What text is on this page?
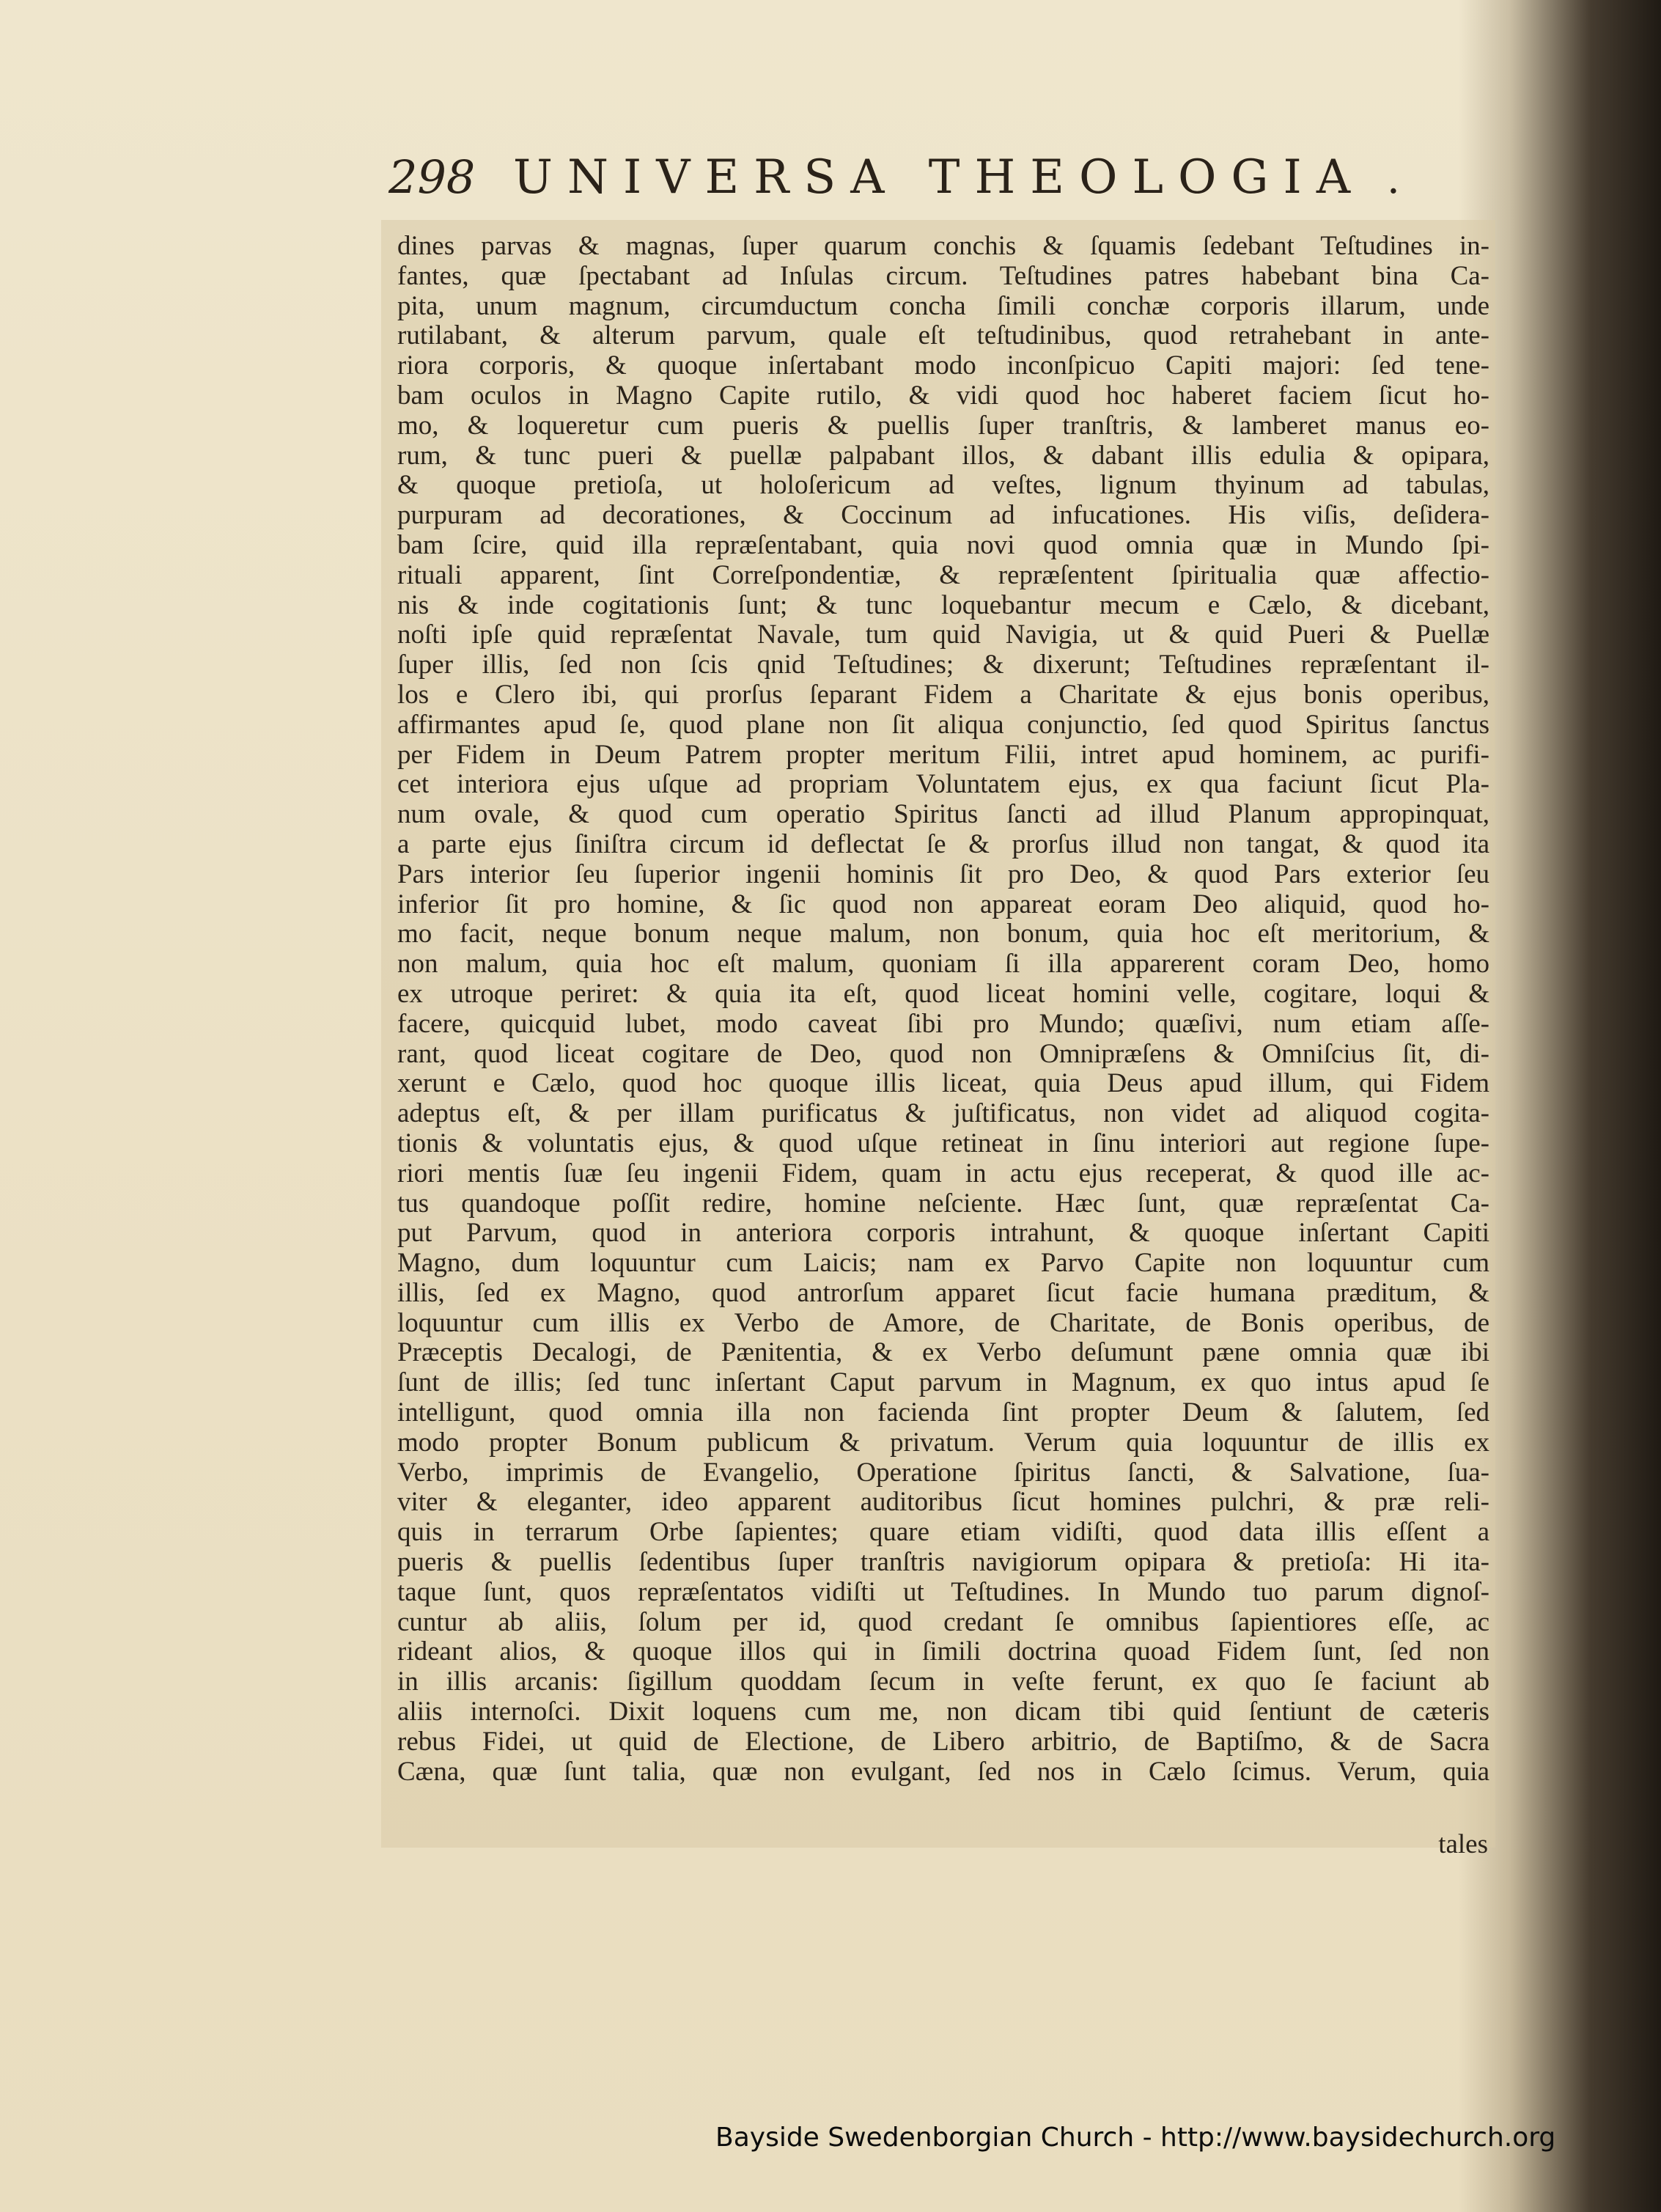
298 UNIVERSA THEOLOGIA .
dines parvas & magnas, ſuper quarum conchis & ſquamis ſedebant Teſtudines in-
fantes, quæ ſpectabant ad Inſulas circum. Teſtudines patres habebant bina Ca-
pita, unum magnum, circumductum concha ſimili conchæ corporis illarum, unde
rutilabant, & alterum parvum, quale eſt teſtudinibus, quod retrahebant in ante-
riora corporis, & quoque inſertabant modo inconſpicuo Capiti majori: ſed tene-
bam oculos in Magno Capite rutilo, & vidi quod hoc haberet faciem ſicut ho-
mo, & loqueretur cum pueris & puellis ſuper tranſtris, & lamberet manus eo-
rum, & tunc pueri & puellæ palpabant illos, & dabant illis edulia & opipara,
& quoque pretioſa, ut holoſericum ad veſtes, lignum thyinum ad tabulas,
purpuram ad decorationes, & Coccinum ad infucationes. His viſis, deſidera-
bam ſcire, quid illa repræſentabant, quia novi quod omnia quæ in Mundo ſpi-
rituali apparent, ſint Correſpondentiæ, & repræſentent ſpiritualia quæ affectio-
nis & inde cogitationis ſunt; & tunc loquebantur mecum e Cælo, & dicebant,
noſti ipſe quid repræſentat Navale, tum quid Navigia, ut & quid Pueri & Puellæ
ſuper illis, ſed non ſcis qnid Teſtudines; & dixerunt; Teſtudines repræſentant il-
los e Clero ibi, qui prorſus ſeparant Fidem a Charitate & ejus bonis operibus,
affirmantes apud ſe, quod plane non ſit aliqua conjunctio, ſed quod Spiritus ſanctus
per Fidem in Deum Patrem propter meritum Filii, intret apud hominem, ac purifi-
cet interiora ejus uſque ad propriam Voluntatem ejus, ex qua faciunt ſicut Pla-
num ovale, & quod cum operatio Spiritus ſancti ad illud Planum appropinquat,
a parte ejus ſiniſtra circum id deflectat ſe & prorſus illud non tangat, & quod ita
Pars interior ſeu ſuperior ingenii hominis ſit pro Deo, & quod Pars exterior ſeu
inferior ſit pro homine, & ſic quod non appareat eoram Deo aliquid, quod ho-
mo facit, neque bonum neque malum, non bonum, quia hoc eſt meritorium, &
non malum, quia hoc eſt malum, quoniam ſi illa apparerent coram Deo, homo
ex utroque periret: & quia ita eſt, quod liceat homini velle, cogitare, loqui &
facere, quicquid lubet, modo caveat ſibi pro Mundo; quæſivi, num etiam aſſe-
rant, quod liceat cogitare de Deo, quod non Omnipræſens & Omniſcius ſit, di-
xerunt e Cælo, quod hoc quoque illis liceat, quia Deus apud illum, qui Fidem
adeptus eſt, & per illam purificatus & juſtificatus, non videt ad aliquod cogita-
tionis & voluntatis ejus, & quod uſque retineat in ſinu interiori aut regione ſupe-
riori mentis ſuæ ſeu ingenii Fidem, quam in actu ejus receperat, & quod ille ac-
tus quandoque poſſit redire, homine neſciente. Hæc ſunt, quæ repræſentat Ca-
put Parvum, quod in anteriora corporis intrahunt, & quoque inſertant Capiti
Magno, dum loquuntur cum Laicis; nam ex Parvo Capite non loquuntur cum
illis, ſed ex Magno, quod antrorſum apparet ſicut facie humana præditum, &
loquuntur cum illis ex Verbo de Amore, de Charitate, de Bonis operibus, de
Præceptis Decalogi, de Pænitentia, & ex Verbo deſumunt pæne omnia quæ ibi
ſunt de illis; ſed tunc inſertant Caput parvum in Magnum, ex quo intus apud ſe
intelligunt, quod omnia illa non facienda ſint propter Deum & ſalutem, ſed
modo propter Bonum publicum & privatum. Verum quia loquuntur de illis ex
Verbo, imprimis de Evangelio, Operatione ſpiritus ſancti, & Salvatione, ſua-
viter & eleganter, ideo apparent auditoribus ſicut homines pulchri, & præ reli-
quis in terrarum Orbe ſapientes; quare etiam vidiſti, quod data illis eſſent a
pueris & puellis ſedentibus ſuper tranſtris navigiorum opipara & pretioſa: Hi ita-
taque ſunt, quos repræſentatos vidiſti ut Teſtudines. In Mundo tuo parum dignoſ-
cuntur ab aliis, ſolum per id, quod credant ſe omnibus ſapientiores eſſe, ac
rideant alios, & quoque illos qui in ſimili doctrina quoad Fidem ſunt, ſed non
in illis arcanis: ſigillum quoddam ſecum in veſte ferunt, ex quo ſe faciunt ab
aliis internoſci. Dixit loquens cum me, non dicam tibi quid ſentiunt de cæteris
rebus Fidei, ut quid de Electione, de Libero arbitrio, de Baptiſmo, & de Sacra
Cæna, quæ ſunt talia, quæ non evulgant, ſed nos in Cælo ſcimus. Verum, quia
tales
Bayside Swedenborgian Church - http://www.baysidechurch.org
